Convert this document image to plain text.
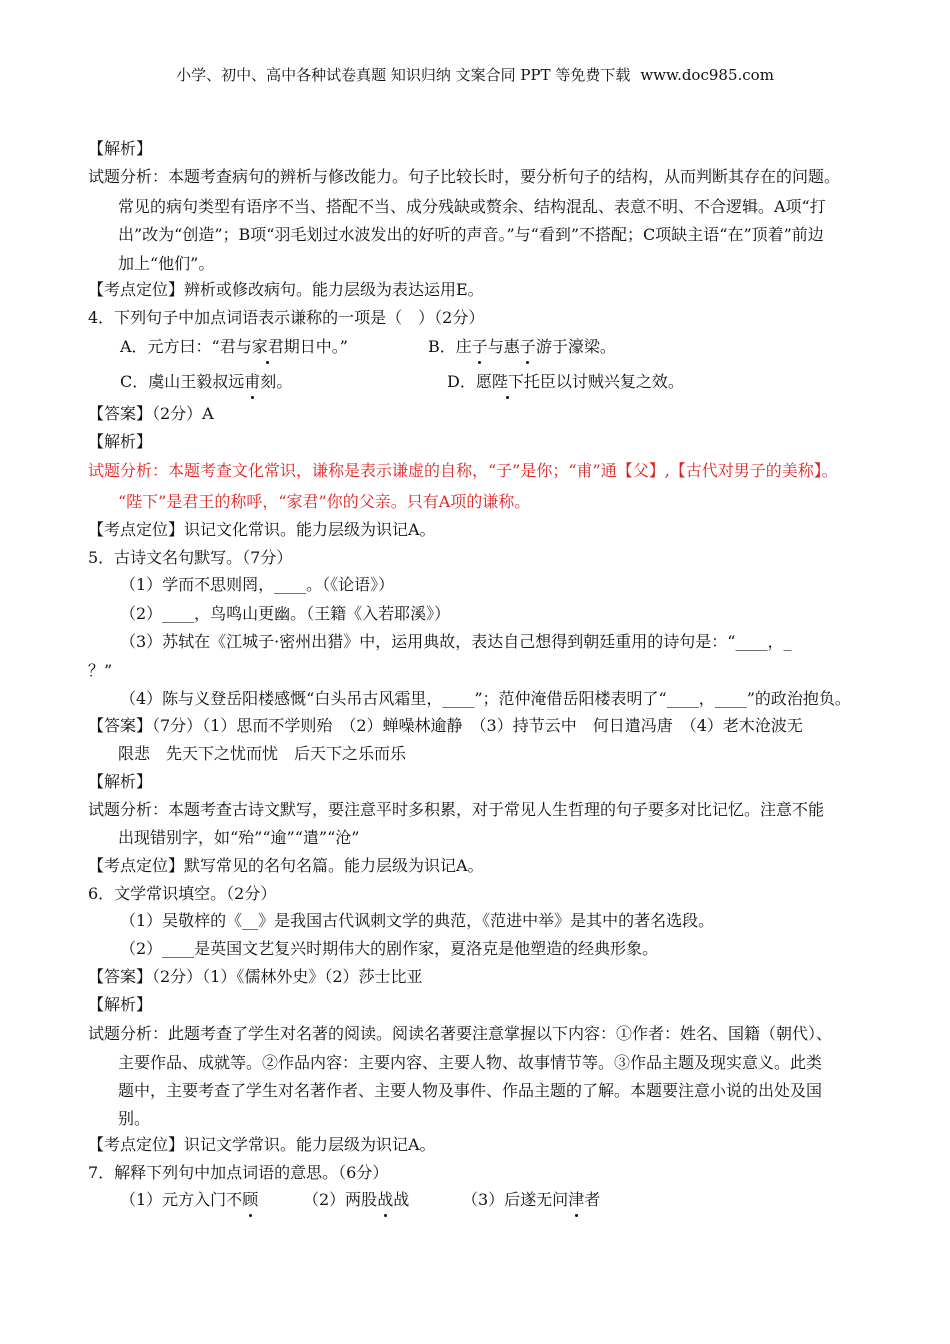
小学、初中、高中各种试卷真题 知识归纳 文案合同 PPT 等免费下载 www.doc985.com
【解析】
试题分析：本题考查病句的辨析与修改能力。句子比较长时，要分析句子的结构，从而判断其存在的问题。
常见的病句类型有语序不当、搭配不当、成分残缺或赘余、结构混乱、表意不明、不合逻辑。A项“打
出”改为“创造”；B项“羽毛划过水波发出的好听的声音。”与“看到”不搭配；C项缺主语“在”顶着”前边
加上“他们”。
【考点定位】辨析或修改病句。能力层级为表达运用E。
4．下列句子中加点词语表示谦称的一项是（　）（2分）
A．元方曰：“君与家君期日中。”	B．庄子与惠子游于濠梁。
C．虞山王毅叔远甫刻。	D．愿陛下托臣以讨贼兴复之效。
【答案】（2分）A
【解析】
试题分析：本题考查文化常识，谦称是表示谦虚的自称，“子”是你；“甫”通【父】,【古代对男子的美称】。
“陛下”是君王的称呼，“家君”你的父亲。只有A项的谦称。
【考点定位】识记文化常识。能力层级为识记A。
5．古诗文名句默写。（7分）
（1）学而不思则罔，____。（《论语》）
（2）____，鸟鸣山更幽。（王籍《入若耶溪》）
（3）苏轼在《江城子·密州出猎》中，运用典故，表达自己想得到朝廷重用的诗句是：“____，_
？”
（4）陈与义登岳阳楼感慨“白头吊古风霜里，____”；范仲淹借岳阳楼表明了“____，____”的政治抱负。
【答案】（7分）（1）思而不学则殆　（2）蝉噪林逾静　（3）持节云中　何日遣冯唐　（4）老木沧波无
限悲　先天下之忧而忧　后天下之乐而乐
【解析】
试题分析：本题考查古诗文默写，要注意平时多积累，对于常见人生哲理的句子要多对比记忆。注意不能
出现错别字，如“殆”“逾”“遣”“沧”
【考点定位】默写常见的名句名篇。能力层级为识记A。
6．文学常识填空。（2分）
（1）吴敬梓的《__》是我国古代讽刺文学的典范，《范进中举》是其中的著名选段。
（2）____是英国文艺复兴时期伟大的剧作家，夏洛克是他塑造的经典形象。
【答案】（2分）（1）《儒林外史》（2）莎士比亚
【解析】
试题分析：此题考查了学生对名著的阅读。阅读名著要注意掌握以下内容：①作者：姓名、国籍（朝代）、
主要作品、成就等。②作品内容：主要内容、主要人物、故事情节等。③作品主题及现实意义。此类
题中，主要考查了学生对名著作者、主要人物及事件、作品主题的了解。本题要注意小说的出处及国
别。
【考点定位】识记文学常识。能力层级为识记A。
7．解释下列句中加点词语的意思。（6分）
（1）元方入门不顾	（2）两股战战	（3）后遂无问津者
